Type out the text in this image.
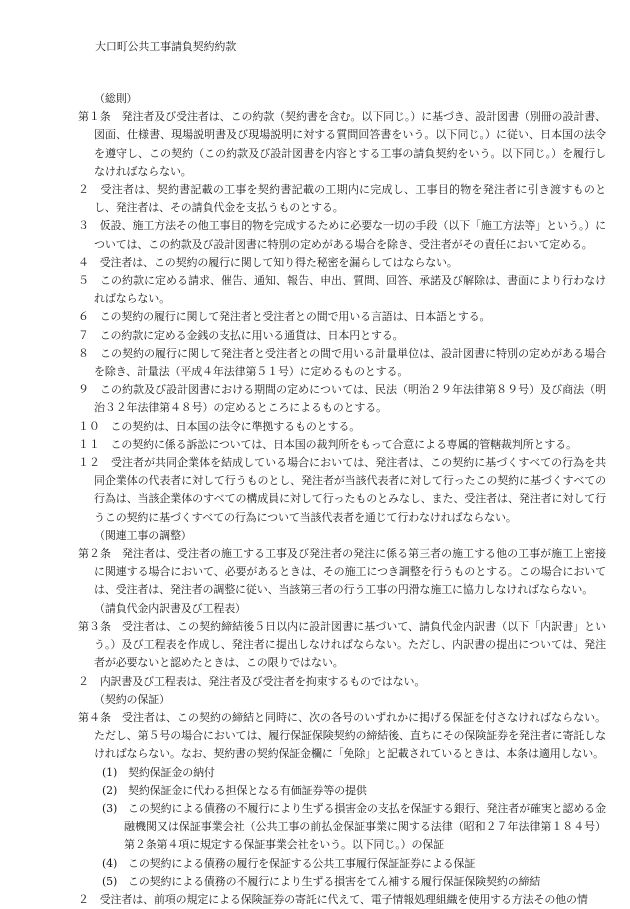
大口町公共工事請負契約約款
（総則）

第１条　発注者及び受注者は、この約款（契約書を含む。以下同じ。）に基づき、設計図書（別冊の設計書、図面、仕様書、現場説明書及び現場説明に対する質問回答書をいう。以下同じ。）に従い、日本国の法令を遵守し、この契約（この約款及び設計図書を内容とする工事の請負契約をいう。以下同じ。）を履行しなければならない。

２　受注者は、契約書記載の工事を契約書記載の工期内に完成し、工事目的物を発注者に引き渡すものとし、発注者は、その請負代金を支払うものとする。

３　仮設、施工方法その他工事目的物を完成するために必要な一切の手段（以下「施工方法等」という。）については、この約款及び設計図書に特別の定めがある場合を除き、受注者がその責任において定める。

４　受注者は、この契約の履行に関して知り得た秘密を漏らしてはならない。

５　この約款に定める請求、催告、通知、報告、申出、質問、回答、承諾及び解除は、書面により行わなければならない。

６　この契約の履行に関して発注者と受注者との間で用いる言語は、日本語とする。

７　この約款に定める金銭の支払に用いる通貨は、日本円とする。

８　この契約の履行に関して発注者と受注者との間で用いる計量単位は、設計図書に特別の定めがある場合を除き、計量法（平成４年法律第５１号）に定めるものとする。

９　この約款及び設計図書における期間の定めについては、民法（明治２９年法律第８９号）及び商法（明治３２年法律第４８号）の定めるところによるものとする。

１０　この契約は、日本国の法令に準拠するものとする。

１１　この契約に係る訴訟については、日本国の裁判所をもって合意による専属的管轄裁判所とする。

１２　受注者が共同企業体を結成している場合においては、発注者は、この契約に基づくすべての行為を共同企業体の代表者に対して行うものとし、発注者が当該代表者に対して行ったこの契約に基づくすべての行為は、当該企業体のすべての構成員に対して行ったものとみなし、また、受注者は、発注者に対して行うこの契約に基づくすべての行為について当該代表者を通じて行わなければならない。

（関連工事の調整）

第２条　発注者は、受注者の施工する工事及び発注者の発注に係る第三者の施工する他の工事が施工上密接に関連する場合において、必要があるときは、その施工につき調整を行うものとする。この場合においては、受注者は、発注者の調整に従い、当該第三者の行う工事の円滑な施工に協力しなければならない。

（請負代金内訳書及び工程表）

第３条　受注者は、この契約締結後５日以内に設計図書に基づいて、請負代金内訳書（以下「内訳書」という。）及び工程表を作成し、発注者に提出しなければならない。ただし、内訳書の提出については、発注者が必要ないと認めたときは、この限りではない。

２　内訳書及び工程表は、発注者及び受注者を拘束するものではない。

（契約の保証）

第４条　受注者は、この契約の締結と同時に、次の各号のいずれかに掲げる保証を付さなければならない。ただし、第５号の場合においては、履行保証保険契約の締結後、直ちにその保険証券を発注者に寄託しなければならない。なお、契約書の契約保証金欄に「免除」と記載されているときは、本条は適用しない。

(1)　契約保証金の納付

(2)　契約保証金に代わる担保となる有価証券等の提供

(3)　この契約による債務の不履行により生ずる損害金の支払を保証する銀行、発注者が確実と認める金融機関又は保証事業会社（公共工事の前払金保証事業に関する法律（昭和２７年法律第１８４号）第２条第４項に規定する保証事業会社をいう。以下同じ。）の保証

(4)　この契約による債務の履行を保証する公共工事履行保証証券による保証

(5)　この契約による債務の不履行により生ずる損害をてん補する履行保証保険契約の締結

２　受注者は、前項の規定による保険証券の寄託に代えて、電子情報処理組織を使用する方法その他の情
